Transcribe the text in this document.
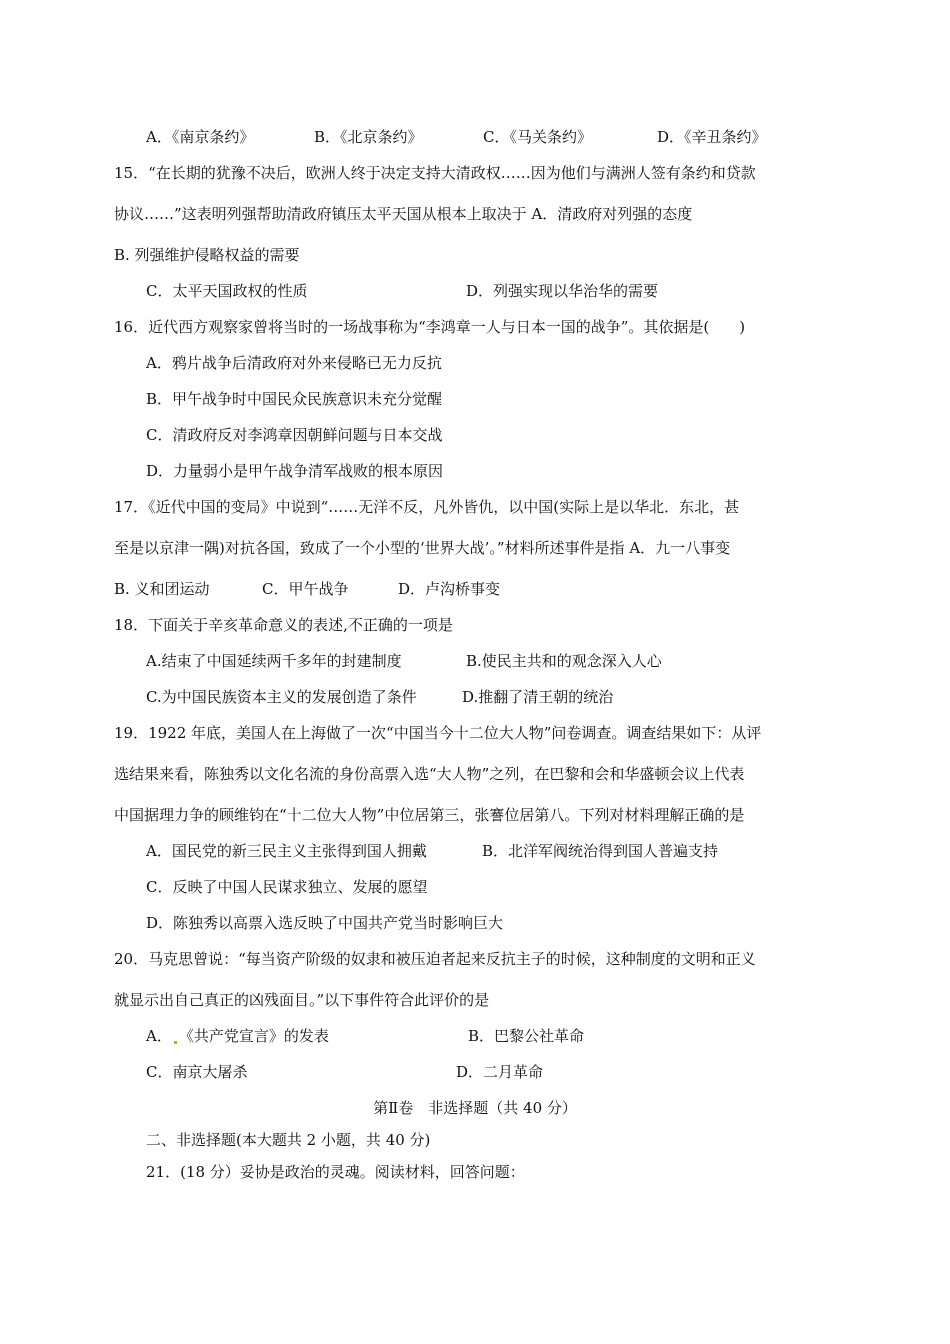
A．《南京条约》	B．《北京条约》	C．《马关条约》	D．《辛丑条约》
15．“在长期的犹豫不决后，欧洲人终于决定支持大清政权……因为他们与满洲人签有条约和贷款
协议……”这表明列强帮助清政府镇压太平天国从根本上取决于 A．清政府对列强的态度
B. 列强维护侵略权益的需要
C．太平天国政权的性质	D．列强实现以华治华的需要
16．近代西方观察家曾将当时的一场战事称为“李鸿章一人与日本一国的战争”。其依据是(　　)
A．鸦片战争后清政府对外来侵略已无力反抗
B．甲午战争时中国民众民族意识未充分觉醒
C．清政府反对李鸿章因朝鲜问题与日本交战
D．力量弱小是甲午战争清军战败的根本原因
17．《近代中国的变局》中说到“……无洋不反，凡外皆仇，以中国(实际上是以华北．东北，甚
至是以京津一隅)对抗各国，致成了一个小型的‘世界大战’。”材料所述事件是指 A．九一八事变
B. 义和团运动	C．甲午战争	D．卢沟桥事变
18．下面关于辛亥革命意义的表述,不正确的一项是
A.结束了中国延续两千多年的封建制度	B.使民主共和的观念深入人心
C.为中国民族资本主义的发展创造了条件	D.推翻了清王朝的统治
19．1922 年底，美国人在上海做了一次“中国当今十二位大人物”问卷调查。调查结果如下：从评
选结果来看，陈独秀以文化名流的身份高票入选“大人物”之列，在巴黎和会和华盛顿会议上代表
中国据理力争的顾维钧在“十二位大人物”中位居第三，张謇位居第八。下列对材料理解正确的是
A．国民党的新三民主义主张得到国人拥戴	B．北洋军阀统治得到国人普遍支持
C．反映了中国人民谋求独立、发展的愿望
D．陈独秀以高票入选反映了中国共产党当时影响巨大
20．马克思曾说：“每当资产阶级的奴隶和被压迫者起来反抗主子的时候，这种制度的文明和正义
就显示出自己真正的凶残面目。”以下事件符合此评价的是
A． 《共产党宣言》的发表	B．巴黎公社革命
C．南京大屠杀	D．二月革命
第Ⅱ卷　非选择题（共 40 分）
二、非选择题(本大题共 2 小题，共 40 分)
21．(18 分）妥协是政治的灵魂。阅读材料，回答问题：
